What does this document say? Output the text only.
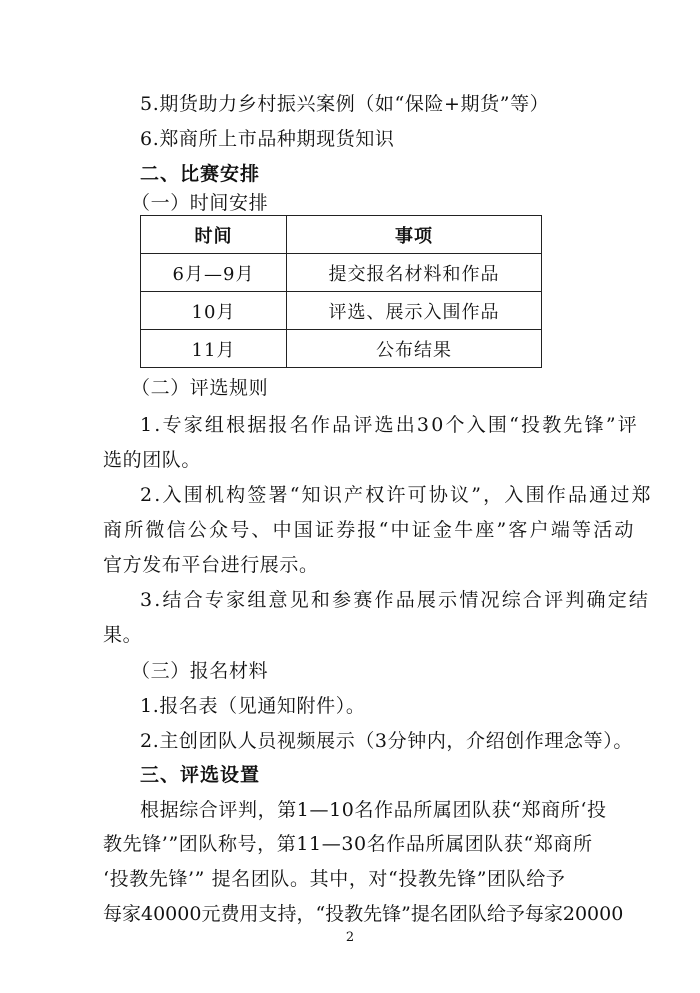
5.期货助力乡村振兴案例（如“保险+期货”等）
6.郑商所上市品种期现货知识
二、比赛安排
（一）时间安排
时间	事项
6月—9月	提交报名材料和作品
10月	评选、展示入围作品
11月	公布结果
（二）评选规则
1.专家组根据报名作品评选出30个入围“投教先锋”评
选的团队。
2.入围机构签署“知识产权许可协议”，入围作品通过郑
商所微信公众号、中国证券报“中证金牛座”客户端等活动
官方发布平台进行展示。
3.结合专家组意见和参赛作品展示情况综合评判确定结
果。
（三）报名材料
1.报名表（见通知附件）。
2.主创团队人员视频展示（3分钟内，介绍创作理念等）。
三、评选设置
根据综合评判，第1—10名作品所属团队获“郑商所‘投
教先锋’”团队称号，第11—30名作品所属团队获“郑商所
‘投教先锋’” 提名团队。其中，对“投教先锋”团队给予
每家40000元费用支持，“投教先锋”提名团队给予每家20000
2
